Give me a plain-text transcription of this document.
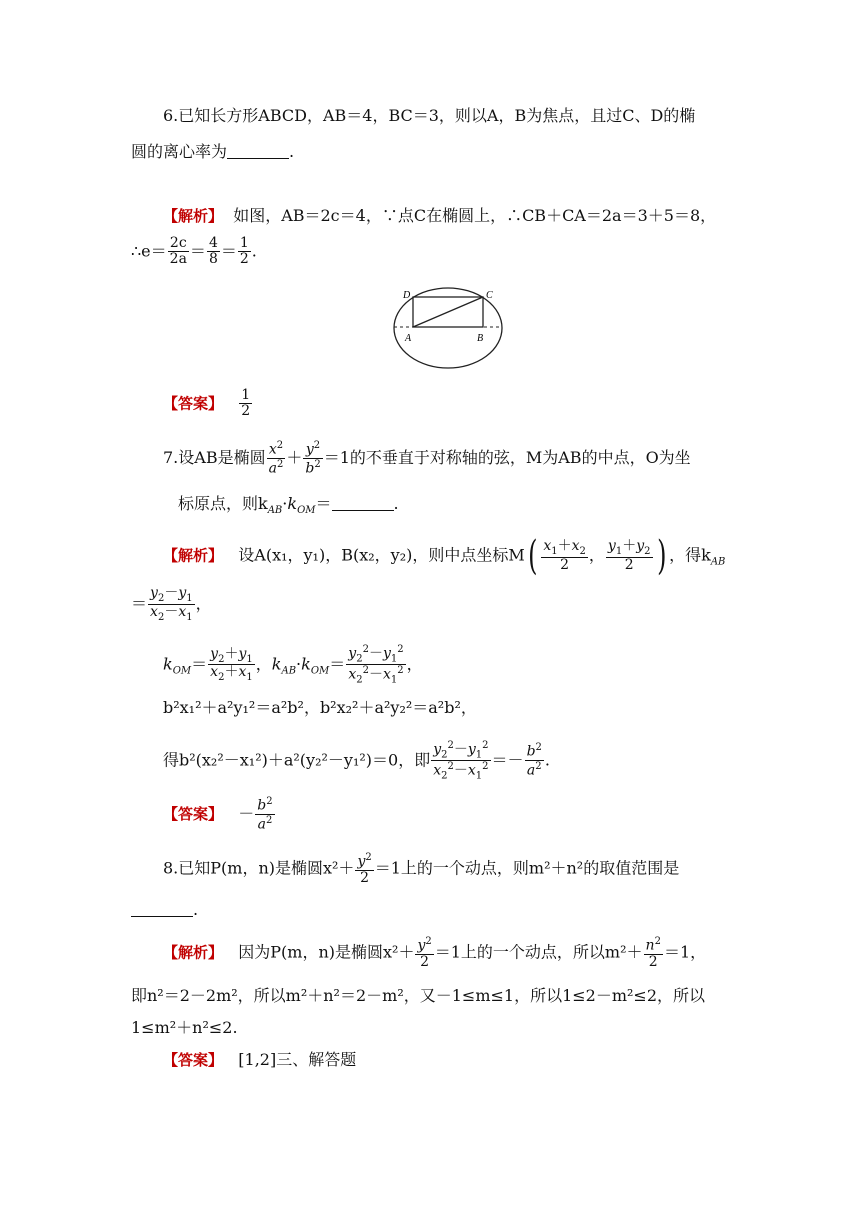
6.已知长方形ABCD，AB＝4，BC＝3，则以A，B为焦点，且过C、D的椭
圆的离心率为	.
【解析】 如图，AB＝2c＝4，∵点C在椭圆上，∴CB＋CA＝2a＝3＋5＝8，
∴e＝ $\frac{2c}{2a} = \frac{4}{8} = \frac{1}{2}$ .
D	C
A	B
【答案】 $\frac{1}{2}$
7.设AB是椭圆 $\frac{x^2}{a^2} + \frac{y^2}{b^2} =1$的不垂直于对称轴的弦，M为AB的中点，O为坐
标原点，则$k_{AB}\cdot k_{OM}=$	.
【解析】 设A(x₁，y₁)，B(x₂，y₂)，则中点坐标$M( \frac{x_1+x_2}{2}$ ， $\frac{y_1+y_2}{2}$ ) ，得$k_{AB}$
＝ $\frac{y_2-y_1}{x_2-x_1}$ ，
$k_{OM}= \frac{y_2+y_1}{x_2+x_1}$ ，$k_{AB}\cdot k_{OM}= \frac{y_2^2-y_1^2}{x_2^2-x_1^2}$ ，
b²x₁²＋a²y₁²＝a²b²，b²x₂²＋a²y₂²＝a²b²，
得b²(x₂²－x₁²)＋a²(y₂²－y₁²)＝0，即 $\frac{y_2^2-y_1^2}{x_2^2-x_1^2} =- \frac{b^2}{a^2}$ .
【答案】   － $\frac{b^2}{a^2}$
8.已知P(m，n)是椭圆$x^2+ \frac{y^2}{2} =1$上的一个动点，则m²＋n²的取值范围是
.
【解析】 因为P(m，n)是椭圆$x^2+ \frac{y^2}{2} =1$上的一个动点，所以$m^2+ \frac{n^2}{2} =1$，
即n²＝2－2m²，所以m²＋n²＝2－m²，又－1≤m≤1，所以1≤2－m²≤2，所以
1≤m²＋n²≤2.
【答案】 [1,2]三、解答题
